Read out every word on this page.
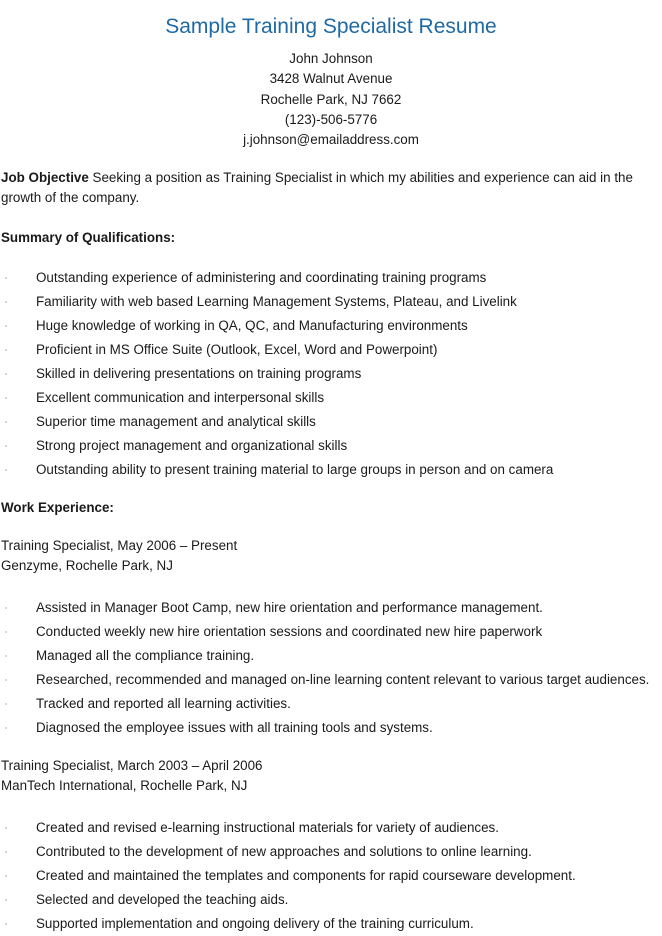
Sample Training Specialist Resume
John Johnson
3428 Walnut Avenue
Rochelle Park, NJ 7662
(123)-506-5776
j.johnson@emailaddress.com

Job Objective Seeking a position as Training Specialist in which my abilities and experience can aid in the growth of the company.

Summary of Qualifications:

Outstanding experience of administering and coordinating training programs
Familiarity with web based Learning Management Systems, Plateau, and Livelink
Huge knowledge of working in QA, QC, and Manufacturing environments
Proficient in MS Office Suite (Outlook, Excel, Word and Powerpoint)
Skilled in delivering presentations on training programs
Excellent communication and interpersonal skills
Superior time management and analytical skills
Strong project management and organizational skills
Outstanding ability to present training material to large groups in person and on camera

Work Experience:

Training Specialist, May 2006 – Present

Genzyme, Rochelle Park, NJ

Assisted in Manager Boot Camp, new hire orientation and performance management.
Conducted weekly new hire orientation sessions and coordinated new hire paperwork
Managed all the compliance training.
Researched, recommended and managed on-line learning content relevant to various target audiences.
Tracked and reported all learning activities.
Diagnosed the employee issues with all training tools and systems.

Training Specialist, March 2003 – April 2006

ManTech International, Rochelle Park, NJ

Created and revised e-learning instructional materials for variety of audiences.
Contributed to the development of new approaches and solutions to online learning.
Created and maintained the templates and components for rapid courseware development.
Selected and developed the teaching aids.
Supported implementation and ongoing delivery of the training curriculum.
